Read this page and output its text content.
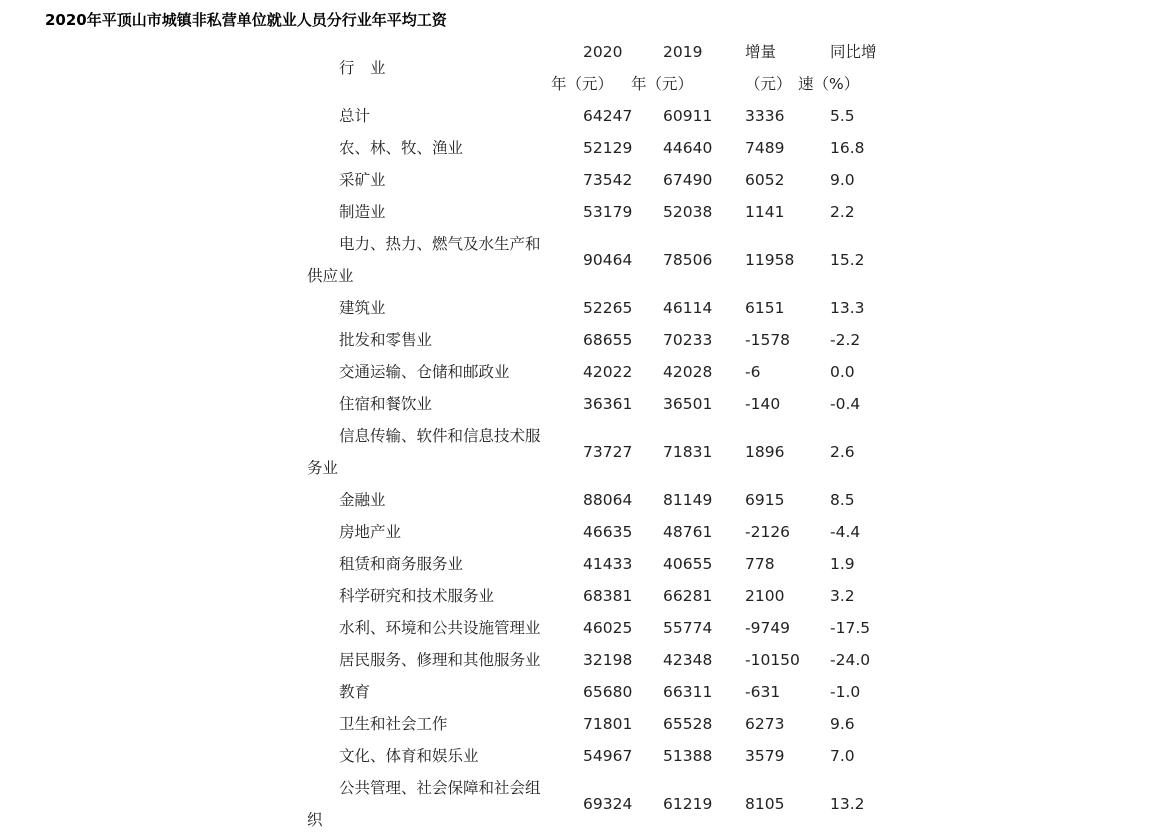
2020年平顶山市城镇非私营单位就业人员分行业年平均工资
行　业	2020	2019	增量	同比增
	年（元）	年（元）	（元）	速（%）
总计	64247	60911	3336	5.5
农、林、牧、渔业	52129	44640	7489	16.8
采矿业	73542	67490	6052	9.0
制造业	53179	52038	1141	2.2
电力、热力、燃气及水生产和供应业	90464	78506	11958	15.2
建筑业	52265	46114	6151	13.3
批发和零售业	68655	70233	-1578	-2.2
交通运输、仓储和邮政业	42022	42028	-6	0.0
住宿和餐饮业	36361	36501	-140	-0.4
信息传输、软件和信息技术服务业	73727	71831	1896	2.6
金融业	88064	81149	6915	8.5
房地产业	46635	48761	-2126	-4.4
租赁和商务服务业	41433	40655	778	1.9
科学研究和技术服务业	68381	66281	2100	3.2
水利、环境和公共设施管理业	46025	55774	-9749	-17.5
居民服务、修理和其他服务业	32198	42348	-10150	-24.0
教育	65680	66311	-631	-1.0
卫生和社会工作	71801	65528	6273	9.6
文化、体育和娱乐业	54967	51388	3579	7.0
公共管理、社会保障和社会组织	69324	61219	8105	13.2
